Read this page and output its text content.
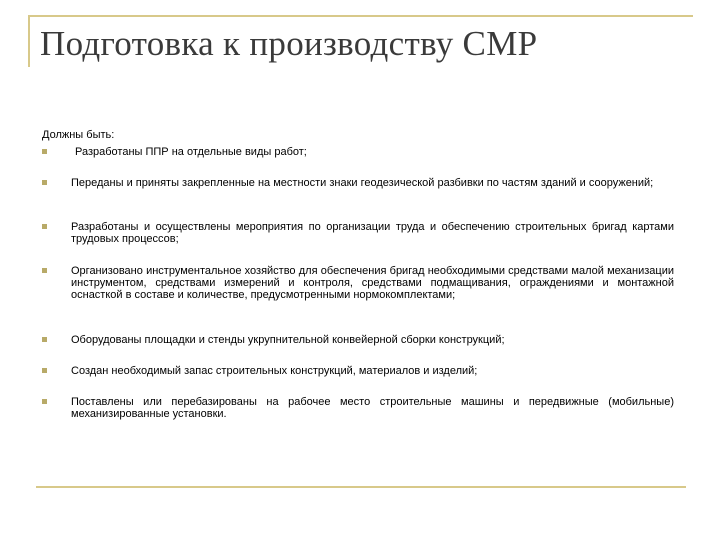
Подготовка к производству СМР

Должны быть:

Разработаны ППР на отдельные виды работ;
Переданы и приняты закрепленные на местности знаки геодезической разбивки по частям зданий и сооружений;
Разработаны и осуществлены мероприятия по организации труда и обеспечению строительных бригад картами трудовых процессов;
Организовано инструментальное хозяйство для обеспечения бригад необходимыми средствами малой механизации инструментом, средствами измерений и контроля, средствами подмащивания, ограждениями и монтажной оснасткой в составе и количестве, предусмотренными нормокомплектами;
Оборудованы площадки и стенды укрупнительной конвейерной сборки конструкций;
Создан необходимый запас строительных конструкций, материалов и изделий;
Поставлены или перебазированы на рабочее место строительные машины и передвижные (мобильные) механизированные установки.
